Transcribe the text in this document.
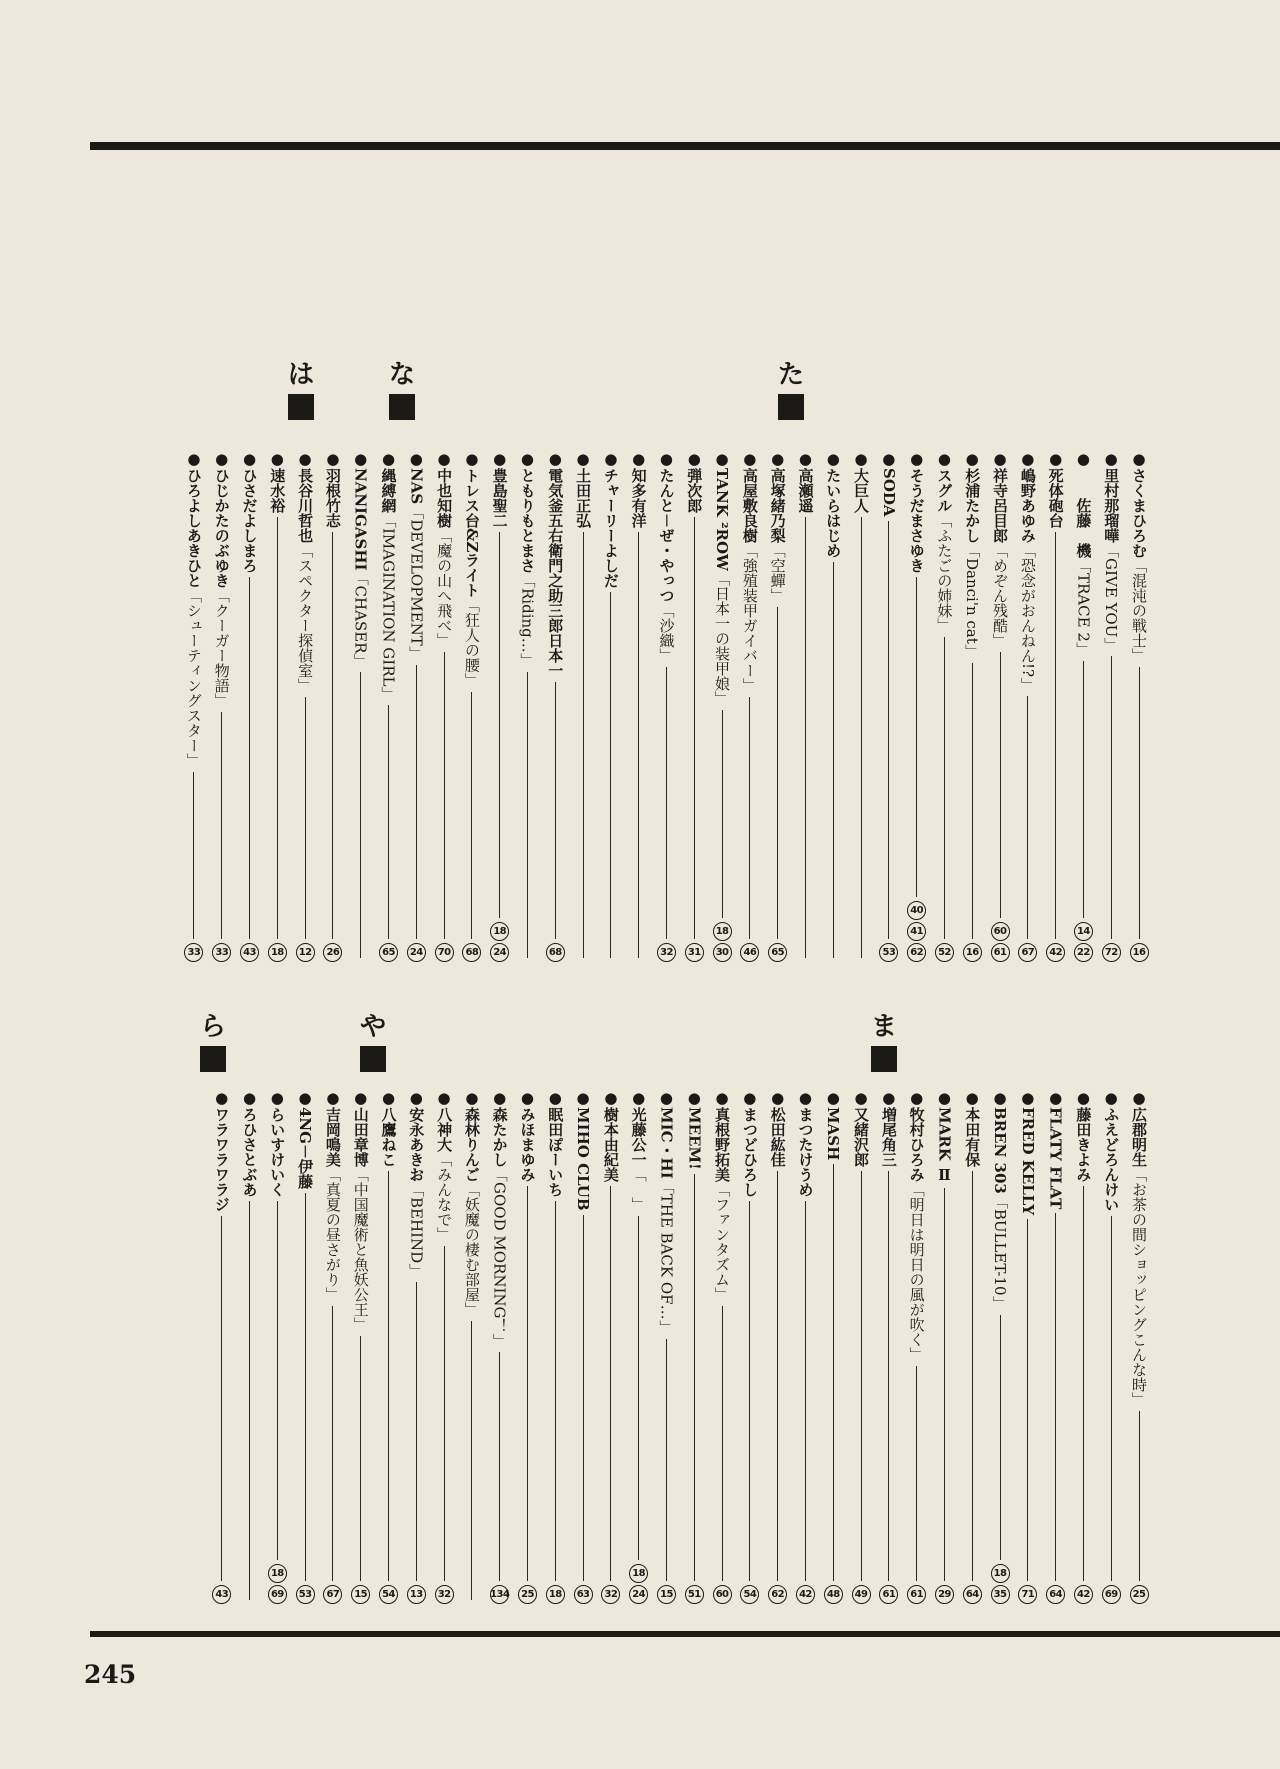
●さくまひろむ「混沌の戦士」
16
●里村那瑠嘩「GIVE YOU」
72
●　　佐藤　機「TRACE 2」
14
22
●死体砲台
42
●嶋野あゆみ「恐念がおんねん!?」
67
●祥寺呂目郎「めぞん残酷」
60
61
●杉浦たかし「Danci'n cat」
16
●スグル「ふたごの姉妹」
52
●そうだまさゆき
40
41
62
●SODA
53
●大巨人
●たいらはじめ
●高瀬遥
●高塚緒乃梨「空蟬」
65
●高屋敷良樹「強殖装甲ガイバー」
46
●TANK ²ROW「日本一の装甲娘」
18
30
●弾次郎
31
●たんと－ぜ・やっつ「沙織」
32
●知多有洋
●チャーリーよしだ
●土田正弘
●電気釜五右衛門之助三郎日本一
68
●ともりもとまさ「Riding…」
●豊島聖二
18
24
●トレス台&Zライト「狂人の腰」
68
●中也知樹「魔の山へ飛べ」
70
●NAS「DEVELOPMENT」
24
●縄縛網「IMAGINATION GIRL」
65
●NANIGASHI「CHASER」
●羽根竹志
26
●長谷川哲也「スペクター探偵室」
12
●速水裕
18
●ひさだよしまろ
43
●ひじかたのぶゆき「クーガー物語」
33
●ひろよしあきひと「シューティングスター」
33
●広郡明生「お茶の間ショッピングこんな時」
25
●ふえどろんけい
69
●藤田きよみ
42
●FLATY FLAT
64
●FRED KELLY
71
●BREN 303「BULLET-10」
18
35
●本田有保
64
●MARK Ⅱ
29
●牧村ひろみ「明日は明日の風が吹く」
61
●増尾角三
61
●又緒沢郎
49
●MASH
48
●まつたけうめ
42
●松田紘佳
62
●まつどひろし
54
●真根野拓美「ファンタズム」
60
●MEEM!
51
●MIC・HI「THE BACK OF…」
15
●光藤公一「　」
18
24
●樹本由紀美
32
●MIHO CLUB
63
●眠田ぽーいち
18
●みほまゆみ
25
●森たかし「GOOD MORNING！」
134
●森林りんご「妖魔の棲む部屋」
●八神大「みんなで」
32
●安永あきお「BEHIND」
13
●八鷹ねこ
54
●山田章博「中国魔術と魚妖公王」
15
●吉岡鳴美「真夏の昼さがり」
67
●4NG－伊藤
53
●らいすけいく
18
69
●ろひさとぶあ
●ワラワラワラジ
43
245
た
な
は
ま
や
ら
